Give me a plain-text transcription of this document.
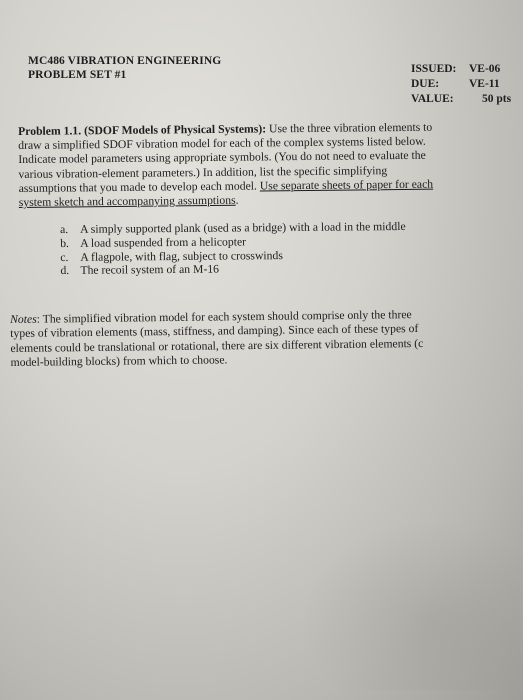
MC486 VIBRATION ENGINEERING
PROBLEM SET #1	ISSUED:	VE-06
DUE:	VE-11
VALUE:	50 pts
Problem 1.1. (SDOF Models of Physical Systems): Use the three vibration elements to
draw a simplified SDOF vibration model for each of the complex systems listed below.
Indicate model parameters using appropriate symbols. (You do not need to evaluate the
various vibration-element parameters.) In addition, list the specific simplifying
assumptions that you made to develop each model. Use separate sheets of paper for each
system sketch and accompanying assumptions.
a.	A simply supported plank (used as a bridge) with a load in the middle
b. A load suspended from a helicopter
c.	A flagpole, with flag, subject to crosswinds
d. The recoil system of an M-16
Notes: The simplified vibration model for each system should comprise only the three
types of vibration elements (mass, stiffness, and damping). Since each of these types of
elements could be translational or rotational, there are six different vibration elements (c
model-building blocks) from which to choose.
